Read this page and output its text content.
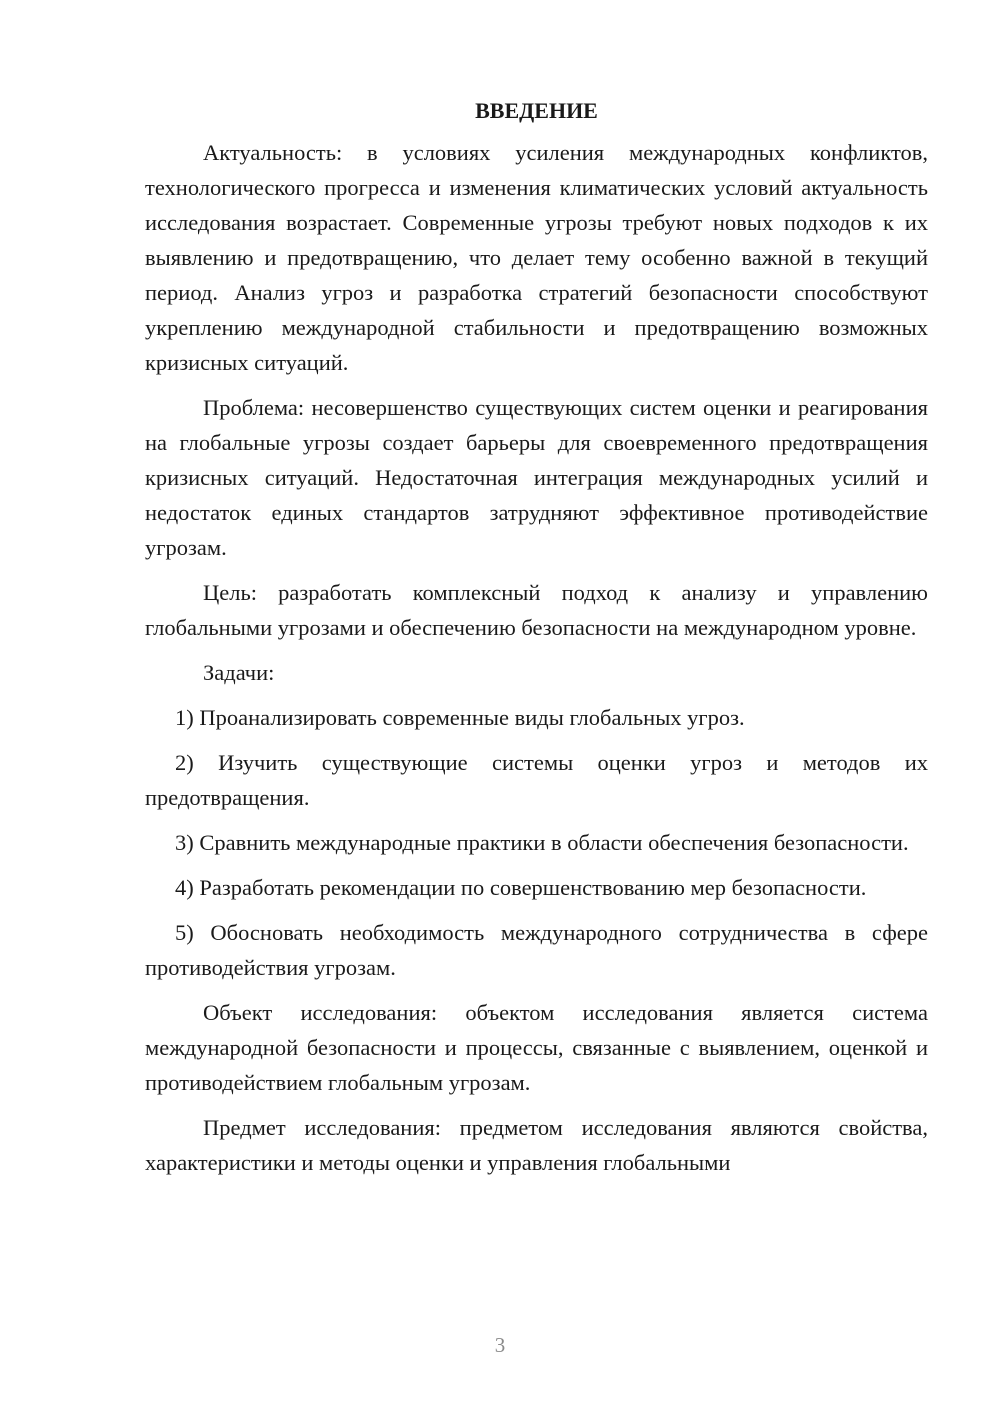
ВВЕДЕНИЕ

Актуальность: в условиях усиления международных конфликтов, технологического прогресса и изменения климатических условий актуальность исследования возрастает. Современные угрозы требуют новых подходов к их выявлению и предотвращению, что делает тему особенно важной в текущий период. Анализ угроз и разработка стратегий безопасности способствуют укреплению международной стабильности и предотвращению возможных кризисных ситуаций.

Проблема: несовершенство существующих систем оценки и реагирования на глобальные угрозы создает барьеры для своевременного предотвращения кризисных ситуаций. Недостаточная интеграция международных усилий и недостаток единых стандартов затрудняют эффективное противодействие угрозам.

Цель: разработать комплексный подход к анализу и управлению глобальными угрозами и обеспечению безопасности на международном уровне.

Задачи:

1) Проанализировать современные виды глобальных угроз.

2) Изучить существующие системы оценки угроз и методов их предотвращения.

3) Сравнить международные практики в области обеспечения безопасности.

4) Разработать рекомендации по совершенствованию мер безопасности.

5) Обосновать необходимость международного сотрудничества в сфере противодействия угрозам.

Объект исследования: объектом исследования является система международной безопасности и процессы, связанные с выявлением, оценкой и противодействием глобальным угрозам.

Предмет исследования: предметом исследования являются свойства, характеристики и методы оценки и управления глобальными

3
